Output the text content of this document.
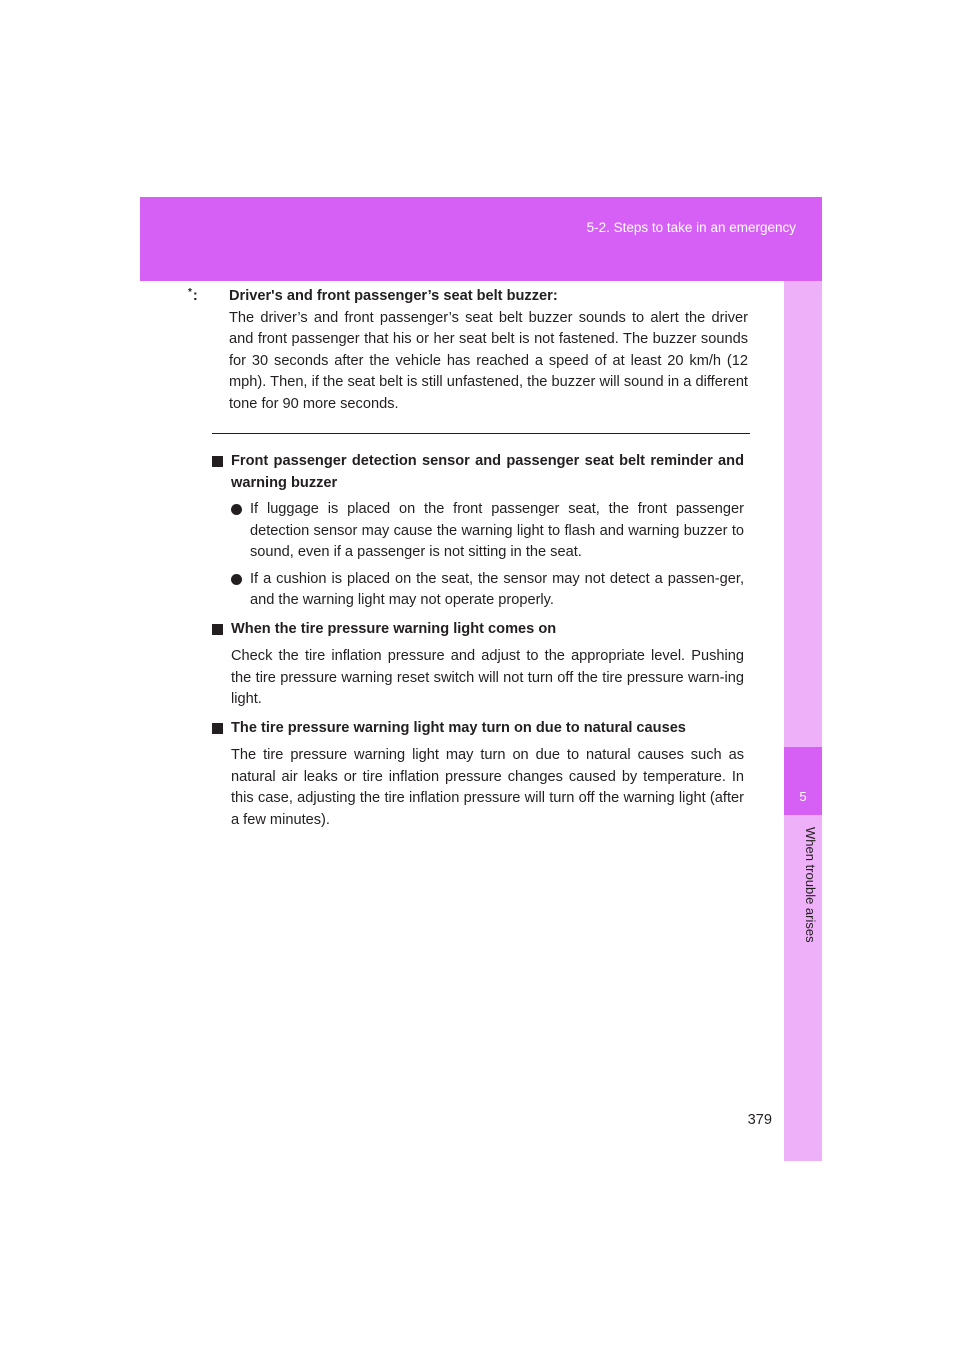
5-2. Steps to take in an emergency
5
When trouble arises
*: Driver's and front passenger’s seat belt buzzer:
The driver’s and front passenger’s seat belt buzzer sounds to alert the driver and front passenger that his or her seat belt is not fastened. The buzzer sounds for 30 seconds after the vehicle has reached a speed of at least 20 km/h (12 mph). Then, if the seat belt is still unfastened, the buzzer will sound in a different tone for 90 more seconds.
Front passenger detection sensor and passenger seat belt reminder and warning buzzer
If luggage is placed on the front passenger seat, the front passenger detection sensor may cause the warning light to flash and warning buzzer to sound, even if a passenger is not sitting in the seat.
If a cushion is placed on the seat, the sensor may not detect a passen-ger, and the warning light may not operate properly.
When the tire pressure warning light comes on
Check the tire inflation pressure and adjust to the appropriate level. Pushing the tire pressure warning reset switch will not turn off the tire pressure warn-ing light.
The tire pressure warning light may turn on due to natural causes
The tire pressure warning light may turn on due to natural causes such as natural air leaks or tire inflation pressure changes caused by temperature. In this case, adjusting the tire inflation pressure will turn off the warning light (after a few minutes).
379
